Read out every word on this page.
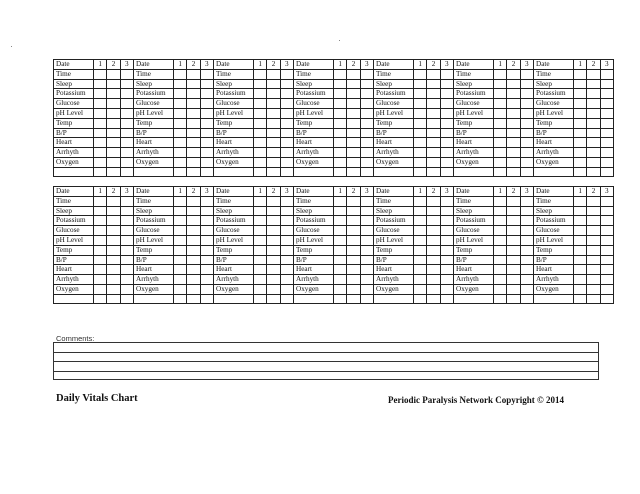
Date	1	2	3
Time
Sleep
Potassium
Glucose
pH Level
Temp
B/P
Heart
Arrhyth
Oxygen
Date	1	2	3
Time
Sleep
Potassium
Glucose
pH Level
Temp
B/P
Heart
Arrhyth
Oxygen
Date	1	2	3
Time
Sleep
Potassium
Glucose
pH Level
Temp
B/P
Heart
Arrhyth
Oxygen
Date	1	2	3
Time
Sleep
Potassium
Glucose
pH Level
Temp
B/P
Heart
Arrhyth
Oxygen
Date	1	2	3
Time
Sleep
Potassium
Glucose
pH Level
Temp
B/P
Heart
Arrhyth
Oxygen
Date	1	2	3
Time
Sleep
Potassium
Glucose
pH Level
Temp
B/P
Heart
Arrhyth
Oxygen
Date	1	2	3
Time
Sleep
Potassium
Glucose
pH Level
Temp
B/P
Heart
Arrhyth
Oxygen
Date	1	2	3
Time
Sleep
Potassium
Glucose
pH Level
Temp
B/P
Heart
Arrhyth
Oxygen
Date	1	2	3
Time
Sleep
Potassium
Glucose
pH Level
Temp
B/P
Heart
Arrhyth
Oxygen
Date	1	2	3
Time
Sleep
Potassium
Glucose
pH Level
Temp
B/P
Heart
Arrhyth
Oxygen
Date	1	2	3
Time
Sleep
Potassium
Glucose
pH Level
Temp
B/P
Heart
Arrhyth
Oxygen
Date	1	2	3
Time
Sleep
Potassium
Glucose
pH Level
Temp
B/P
Heart
Arrhyth
Oxygen
Date	1	2	3
Time
Sleep
Potassium
Glucose
pH Level
Temp
B/P
Heart
Arrhyth
Oxygen
Date	1	2	3
Time
Sleep
Potassium
Glucose
pH Level
Temp
B/P
Heart
Arrhyth
Oxygen
Comments:
Daily Vitals Chart	Periodic Paralysis Network Copyright © 2014
